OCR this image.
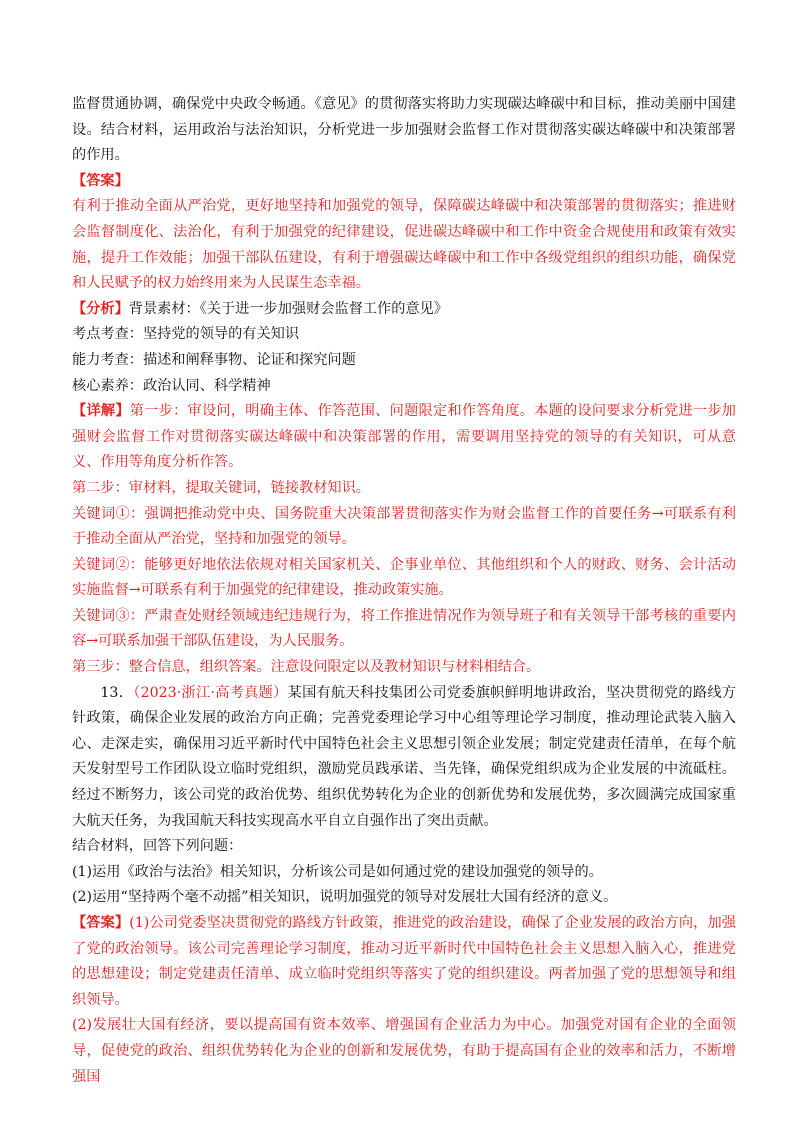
监督贯通协调，确保党中央政令畅通。《意见》的贯彻落实将助力实现碳达峰碳中和目标，推动美丽中国建设。结合材料，运用政治与法治知识，分析党进一步加强财会监督工作对贯彻落实碳达峰碳中和决策部署的作用。

【答案】

有利于推动全面从严治党，更好地坚持和加强党的领导，保障碳达峰碳中和决策部署的贯彻落实；推进财会监督制度化、法治化，有利于加强党的纪律建设，促进碳达峰碳中和工作中资金合规使用和政策有效实施，提升工作效能；加强干部队伍建设，有利于增强碳达峰碳中和工作中各级党组织的组织功能，确保党和人民赋予的权力始终用来为人民谋生态幸福。

【分析】背景素材：《关于进一步加强财会监督工作的意见》

考点考查：坚持党的领导的有关知识

能力考查：描述和阐释事物、论证和探究问题

核心素养：政治认同、科学精神

【详解】第一步：审设问，明确主体、作答范围、问题限定和作答角度。本题的设问要求分析党进一步加强财会监督工作对贯彻落实碳达峰碳中和决策部署的作用，需要调用坚持党的领导的有关知识，可从意义、作用等角度分析作答。

第二步：审材料，提取关键词，链接教材知识。

关键词①：强调把推动党中央、国务院重大决策部署贯彻落实作为财会监督工作的首要任务→可联系有利于推动全面从严治党，坚持和加强党的领导。

关键词②：能够更好地依法依规对相关国家机关、企事业单位、其他组织和个人的财政、财务、会计活动实施监督→可联系有利于加强党的纪律建设，推动政策实施。

关键词③：严肃查处财经领域违纪违规行为，将工作推进情况作为领导班子和有关领导干部考核的重要内容→可联系加强干部队伍建设，为人民服务。

第三步：整合信息，组织答案。注意设问限定以及教材知识与材料相结合。

13．（2023·浙江·高考真题）某国有航天科技集团公司党委旗帜鲜明地讲政治，坚决贯彻党的路线方针政策，确保企业发展的政治方向正确；完善党委理论学习中心组等理论学习制度，推动理论武装入脑入心、走深走实，确保用习近平新时代中国特色社会主义思想引领企业发展；制定党建责任清单，在每个航天发射型号工作团队设立临时党组织，激励党员践承诺、当先锋，确保党组织成为企业发展的中流砥柱。经过不断努力，该公司党的政治优势、组织优势转化为企业的创新优势和发展优势，多次圆满完成国家重大航天任务，为我国航天科技实现高水平自立自强作出了突出贡献。

结合材料，回答下列问题：

(1)运用《政治与法治》相关知识，分析该公司是如何通过党的建设加强党的领导的。

(2)运用“坚持两个毫不动摇”相关知识，说明加强党的领导对发展壮大国有经济的意义。

【答案】(1)公司党委坚决贯彻党的路线方针政策，推进党的政治建设，确保了企业发展的政治方向，加强了党的政治领导。该公司完善理论学习制度，推动习近平新时代中国特色社会主义思想入脑入心，推进党的思想建设；制定党建责任清单、成立临时党组织等落实了党的组织建设。两者加强了党的思想领导和组织领导。

(2)发展壮大国有经济，要以提高国有资本效率、增强国有企业活力为中心。加强党对国有企业的全面领导，促使党的政治、组织优势转化为企业的创新和发展优势，有助于提高国有企业的效率和活力，不断增强国
